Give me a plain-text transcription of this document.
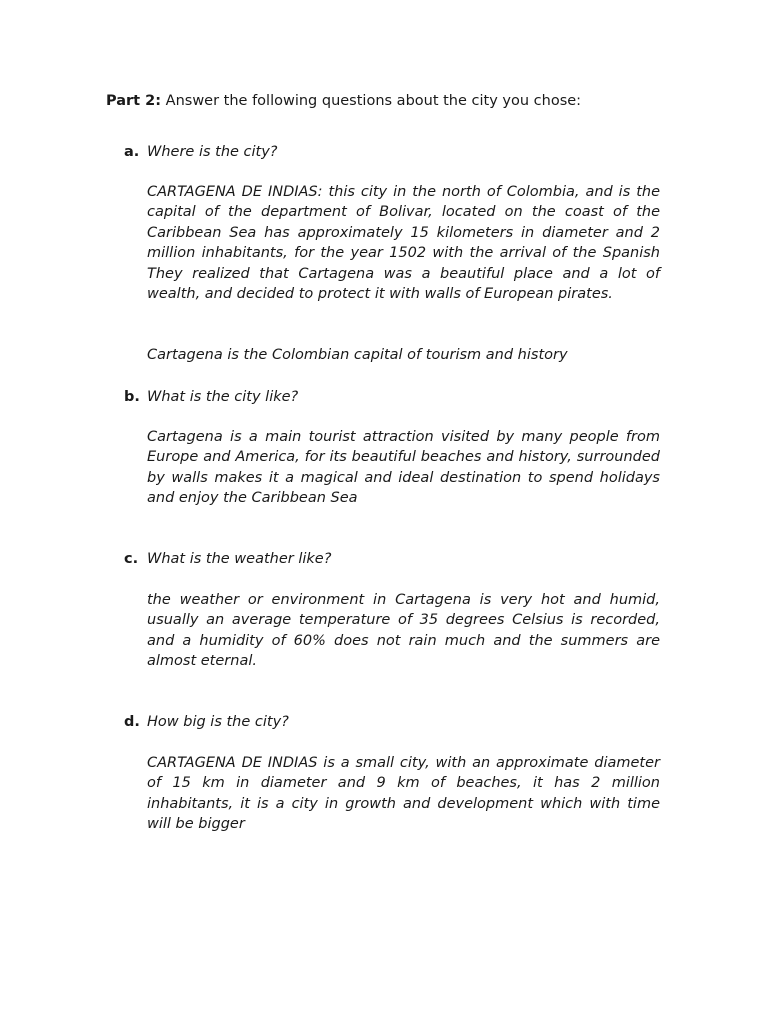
Part 2: Answer the following questions about the city you chose:
a. Where is the city?

CARTAGENA DE INDIAS: this city in the north of Colombia, and is the capital of the department of Bolivar, located on the coast of the Caribbean Sea has approximately 15 kilometers in diameter and 2 million inhabitants, for the year 1502 with the arrival of the Spanish They realized that Cartagena was a beautiful place and a lot of wealth, and decided to protect it with walls of European pirates.

Cartagena is the Colombian capital of tourism and history

b. What is the city like?

Cartagena is a main tourist attraction visited by many people from Europe and America, for its beautiful beaches and history, surrounded by walls makes it a magical and ideal destination to spend holidays and enjoy the Caribbean Sea

c. What is the weather like?

the weather or environment in Cartagena is very hot and humid, usually an average temperature of 35 degrees Celsius is recorded, and a humidity of 60% does not rain much and the summers are almost eternal.

d. How big is the city?

CARTAGENA DE INDIAS is a small city, with an approximate diameter of 15 km in diameter and 9 km of beaches, it has 2 million inhabitants, it is a city in growth and development which with time will be bigger
